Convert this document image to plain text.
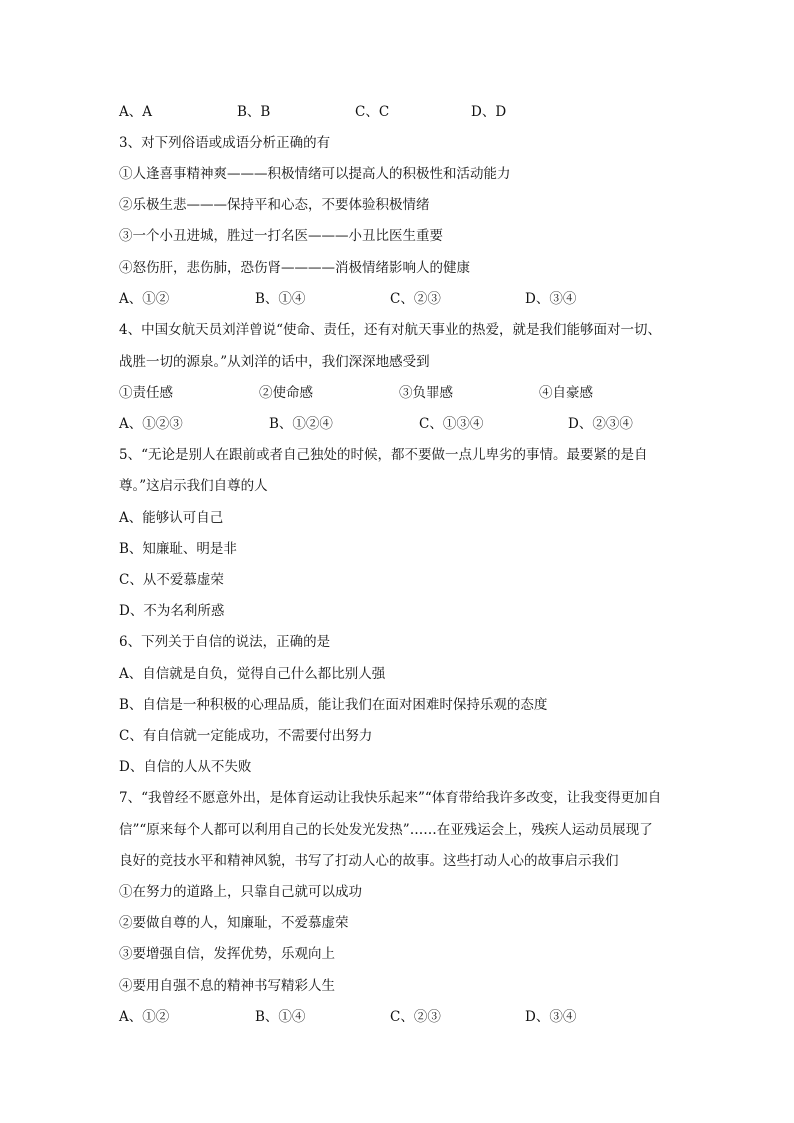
A、A	B、B	C、C	D、D
3、对下列俗语或成语分析正确的有
①人逢喜事精神爽———积极情绪可以提高人的积极性和活动能力
②乐极生悲———保持平和心态，不要体验积极情绪
③一个小丑进城，胜过一打名医———小丑比医生重要
④怒伤肝，悲伤肺，恐伤肾————消极情绪影响人的健康
A、①②	B、①④	C、②③	D、③④
4、中国女航天员刘洋曾说“使命、责任，还有对航天事业的热爱，就是我们能够面对一切、
战胜一切的源泉。”从刘洋的话中，我们深深地感受到
①责任感	②使命感	③负罪感	④自豪感
A、①②③	B、①②④	C、①③④	D、②③④
5、“无论是别人在跟前或者自己独处的时候，都不要做一点儿卑劣的事情。最要紧的是自
尊。”这启示我们自尊的人
A、能够认可自己
B、知廉耻、明是非
C、从不爱慕虚荣
D、不为名利所惑
6、下列关于自信的说法，正确的是
A、自信就是自负，觉得自己什么都比别人强
B、自信是一种积极的心理品质，能让我们在面对困难时保持乐观的态度
C、有自信就一定能成功，不需要付出努力
D、自信的人从不失败
7、“我曾经不愿意外出，是体育运动让我快乐起来”“体育带给我许多改变，让我变得更加自
信”“原来每个人都可以利用自己的长处发光发热”……在亚残运会上，残疾人运动员展现了
良好的竞技水平和精神风貌，书写了打动人心的故事。这些打动人心的故事启示我们
①在努力的道路上，只靠自己就可以成功
②要做自尊的人，知廉耻，不爱慕虚荣
③要增强自信，发挥优势，乐观向上
④要用自强不息的精神书写精彩人生
A、①②	B、①④	C、②③	D、③④
